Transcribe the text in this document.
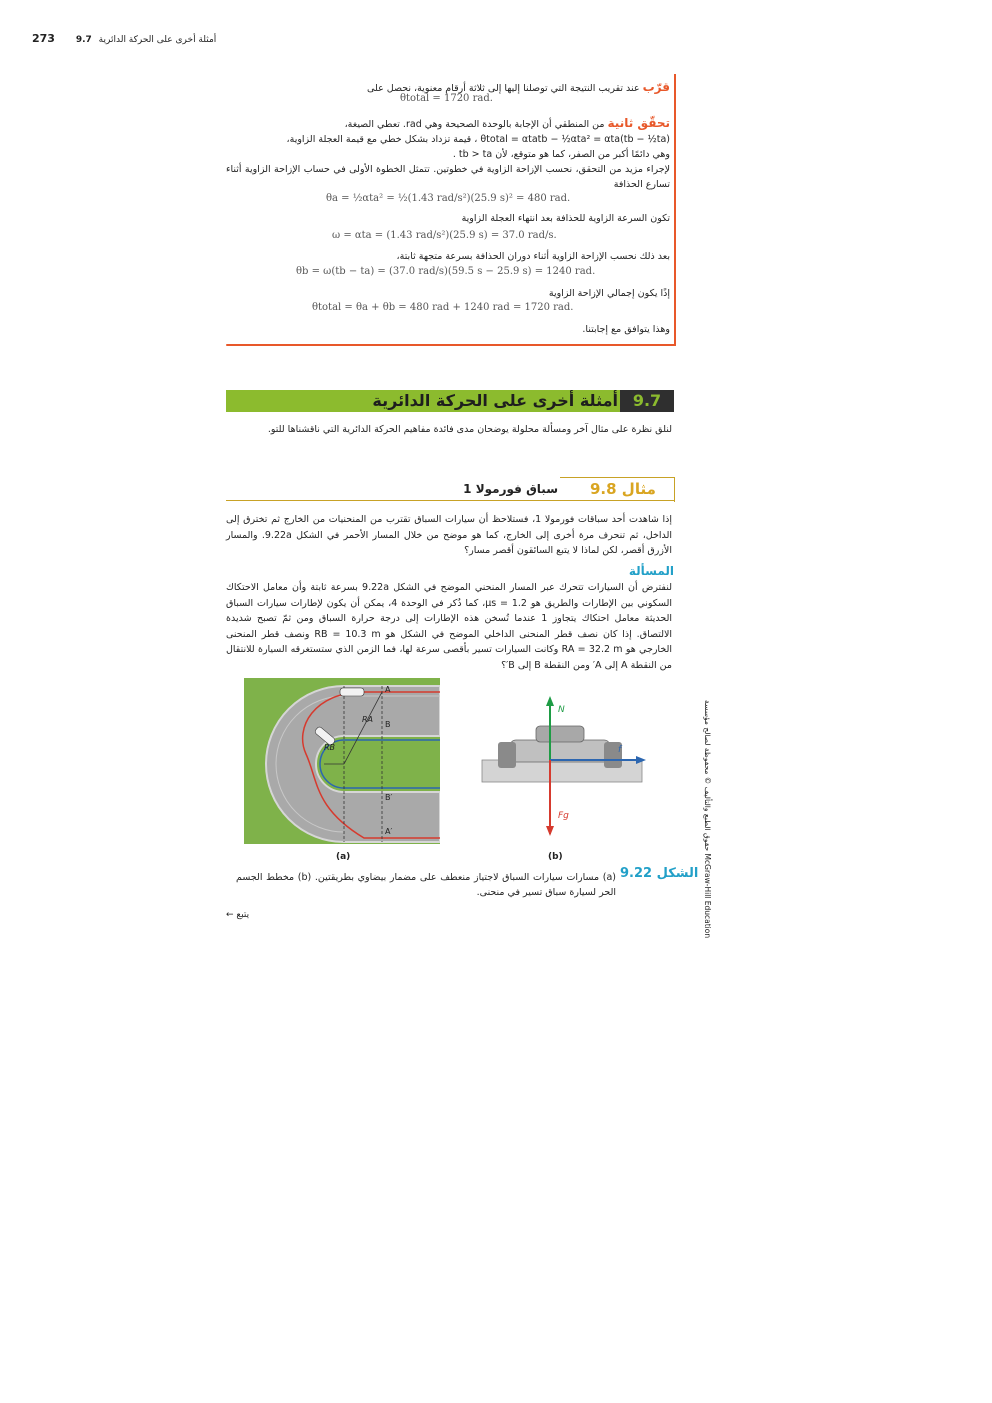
273 9.7 أمثلة أخرى على الحركة الدائرية
قرّب عند تقريب النتيجة التي توصلنا إليها إلى ثلاثة أرقام معنوية، نحصل على
θtotal = 1720 rad.
تحقّق ثانية من المنطقي أن الإجابة بالوحدة الصحيحة وهي rad. تعطي الصيغة،
θtotal = αtatb − ½αta² = αta(tb − ½ta) ، قيمة تزداد بشكل خطي مع قيمة العجلة الزاوية،
وهي دائمًا أكبر من الصفر، كما هو متوقع، لأن tb > ta .
لإجراء مزيد من التحقق، نحسب الإزاحة الزاوية في خطوتين. تتمثل الخطوة الأولى في حساب الإزاحة الزاوية أثناء تسارع الحذافة
θa = ½αta² = ½(1.43 rad/s²)(25.9 s)² = 480 rad.
تكون السرعة الزاوية للحذافة بعد انتهاء العجلة الزاوية
ω = αta = (1.43 rad/s²)(25.9 s) = 37.0 rad/s.
بعد ذلك نحسب الإزاحة الزاوية أثناء دوران الحذافة بسرعة متجهة ثابتة،
θb = ω(tb − ta) = (37.0 rad/s)(59.5 s − 25.9 s) = 1240 rad.
إذًا يكون إجمالي الإزاحة الزاوية
θtotal = θa + θb = 480 rad + 1240 rad = 1720 rad.
وهذا يتوافق مع إجابتنا.
9.7
أمثلة أخرى على الحركة الدائرية
لنلق نظرة على مثال آخر ومسألة محلولة يوضحان مدى فائدة مفاهيم الحركة الدائرية التي ناقشناها للتو.
مثال 9.8
سباق فورمولا 1
إذا شاهدت أحد سباقات فورمولا 1، فستلاحظ أن سيارات السباق تقترب من المنحنيات من الخارج ثم تخترق إلى الداخل، ثم تنحرف مرة أخرى إلى الخارج، كما هو موضح من خلال المسار الأحمر في الشكل 9.22a. والمسار الأزرق أقصر، لكن لماذا لا يتبع السائقون أقصر مسار؟
المسألة
لنفترض أن السيارات تتحرك عبر المسار المنحني الموضح في الشكل 9.22a بسرعة ثابتة وأن معامل الاحتكاك السكوني بين الإطارات والطريق هو μs = 1.2، كما ذُكر في الوحدة 4، يمكن أن يكون لإطارات سيارات السباق الحديثة معامل احتكاك يتجاوز 1 عندما تُسخن هذه الإطارات إلى درجة حرارة السباق ومن ثمّ تصبح شديدة الالتصاق. إذا كان نصف قطر المنحنى الداخلي الموضح في الشكل هو RB = 10.3 m ونصف قطر المنحنى الخارجي هو RA = 32.2 m وكانت السيارات تسير بأقصى سرعة لها، فما الزمن الذي ستستغرقه السيارة للانتقال من النقطة A إلى A′ ومن النقطة B إلى B′؟
A
B
B′
A′
RA
RB
(a)
N
f
Fg
(b)
الشكل 9.22
(a) مسارات سيارات السباق لاجتياز منعطف على مضمار بيضاوي بطريقتين. (b) مخطط الجسم الحر لسيارة سباق تسير في منحنى.
يتبع ←
حقوق الطبع والتأليف © محفوظة لصالح مؤسسة McGraw-Hill Education
